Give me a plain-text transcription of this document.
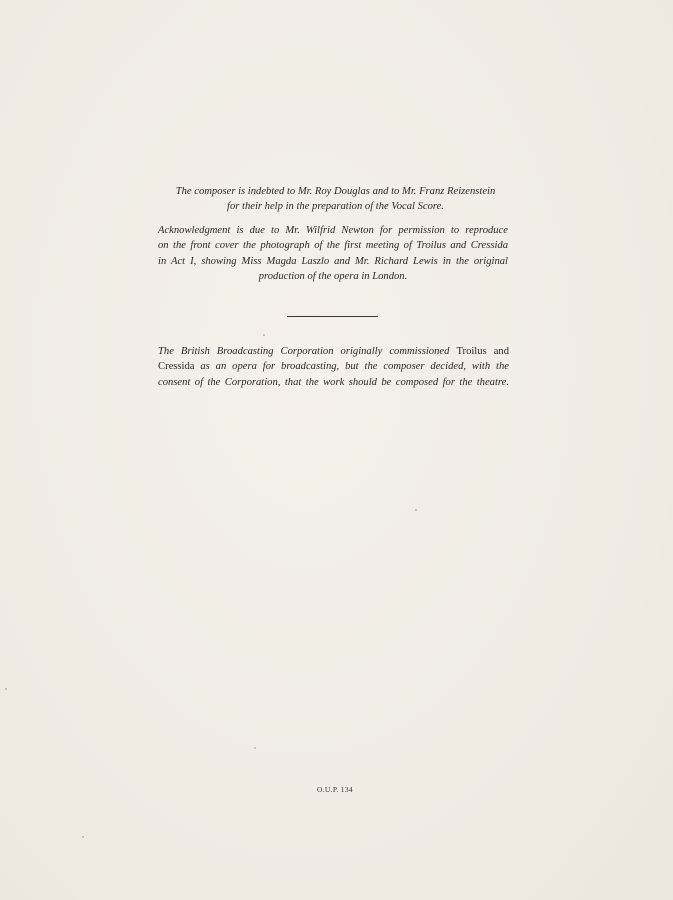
The composer is indebted to Mr. Roy Douglas and to Mr. Franz Reizenstein
for their help in the preparation of the Vocal Score.

Acknowledgment is due to Mr. Wilfrid Newton for permission to reproduce
on the front cover the photograph of the first meeting of Troilus and Cressida
in Act I, showing Miss Magda Laszlo and Mr. Richard Lewis in the original
production of the opera in London.

The British Broadcasting Corporation originally commissioned Troilus and
Cressida as an opera for broadcasting, but the composer decided, with the
consent of the Corporation, that the work should be composed for the theatre.

O.U.P. 134
